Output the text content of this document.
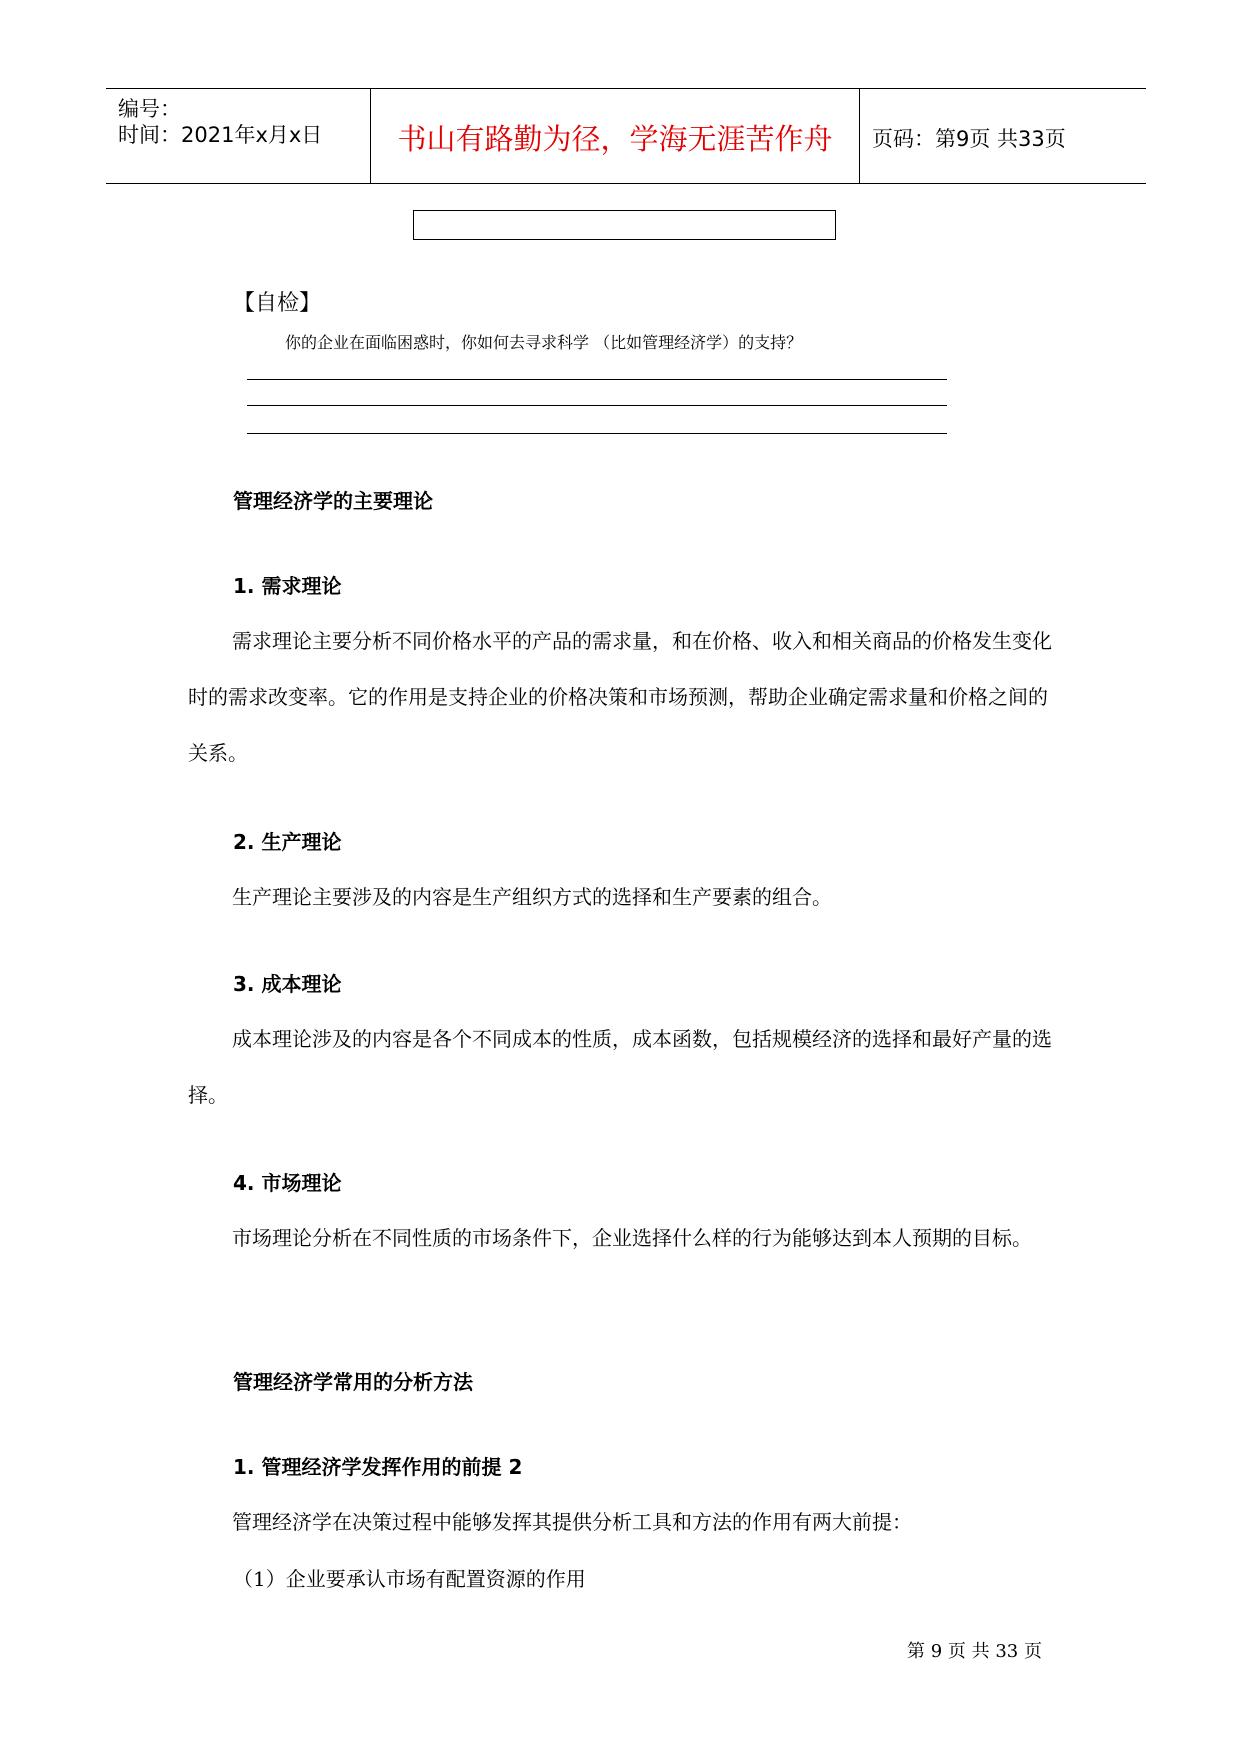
编号：
时间：2021年x月x日	书山有路勤为径，学海无涯苦作舟	页码：第9页 共33页
【自检】
你的企业在面临困惑时，你如何去寻求科学 （比如管理经济学）的支持？
管理经济学的主要理论
1. 需求理论
需求理论主要分析不同价格水平的产品的需求量，和在价格、收入和相关商品的价格发生变化时的需求改变率。它的作用是支持企业的价格决策和市场预测，帮助企业确定需求量和价格之间的关系。
2. 生产理论
生产理论主要涉及的内容是生产组织方式的选择和生产要素的组合。
3. 成本理论
成本理论涉及的内容是各个不同成本的性质，成本函数，包括规模经济的选择和最好产量的选择。
4. 市场理论
市场理论分析在不同性质的市场条件下，企业选择什么样的行为能够达到本人预期的目标。
管理经济学常用的分析方法
1. 管理经济学发挥作用的前提 2
管理经济学在决策过程中能够发挥其提供分析工具和方法的作用有两大前提：
（1）企业要承认市场有配置资源的作用
第 9 页 共 33 页
